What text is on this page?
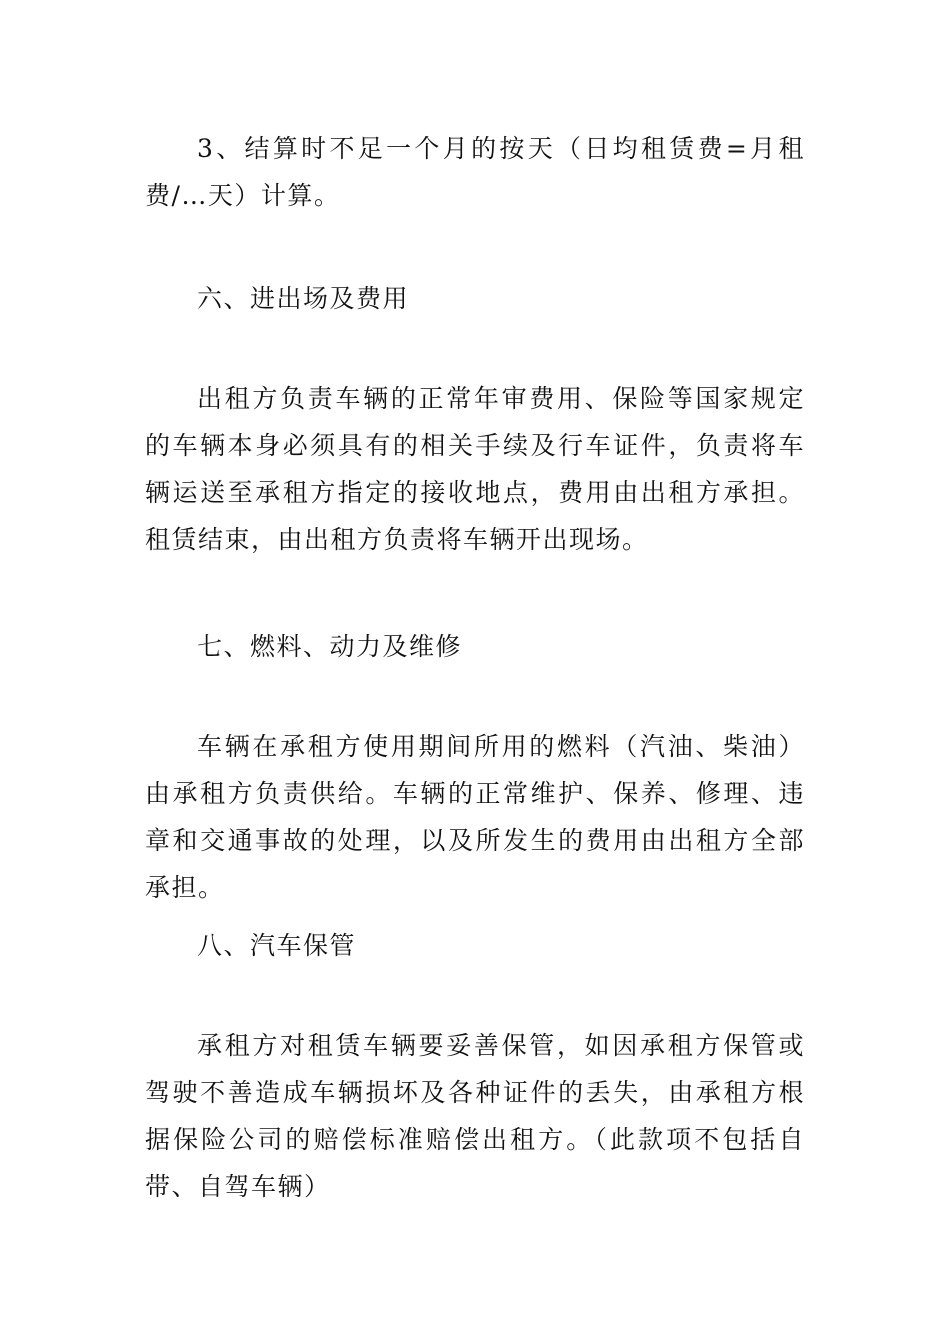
3、结算时不足一个月的按天（日均租赁费=月租费/…天）计算。

六、进出场及费用

出租方负责车辆的正常年审费用、保险等国家规定的车辆本身必须具有的相关手续及行车证件，负责将车辆运送至承租方指定的接收地点，费用由出租方承担。租赁结束，由出租方负责将车辆开出现场。

七、燃料、动力及维修

车辆在承租方使用期间所用的燃料（汽油、柴油）由承租方负责供给。车辆的正常维护、保养、修理、违章和交通事故的处理，以及所发生的费用由出租方全部承担。

八、汽车保管

承租方对租赁车辆要妥善保管，如因承租方保管或驾驶不善造成车辆损坏及各种证件的丢失，由承租方根据保险公司的赔偿标准赔偿出租方。（此款项不包括自带、自驾车辆）
